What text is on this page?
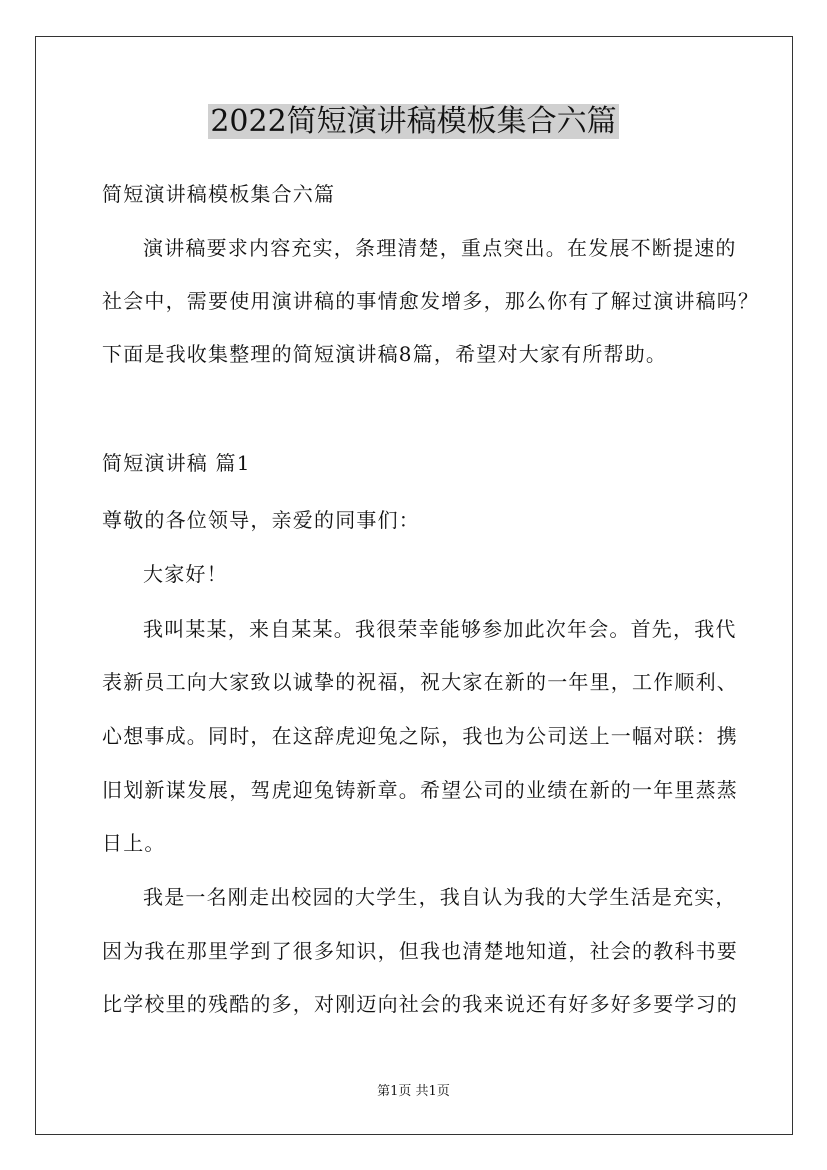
2022简短演讲稿模板集合六篇

简短演讲稿模板集合六篇

演讲稿要求内容充实，条理清楚，重点突出。在发展不断提速的

社会中，需要使用演讲稿的事情愈发增多，那么你有了解过演讲稿吗？

下面是我收集整理的简短演讲稿8篇，希望对大家有所帮助。

简短演讲稿 篇1

尊敬的各位领导，亲爱的同事们：

大家好！

我叫某某，来自某某。我很荣幸能够参加此次年会。首先，我代

表新员工向大家致以诚挚的祝福，祝大家在新的一年里，工作顺利、

心想事成。同时，在这辞虎迎兔之际，我也为公司送上一幅对联：携

旧划新谋发展，驾虎迎兔铸新章。希望公司的业绩在新的一年里蒸蒸

日上。

我是一名刚走出校园的大学生，我自认为我的大学生活是充实，

因为我在那里学到了很多知识，但我也清楚地知道，社会的教科书要

比学校里的残酷的多，对刚迈向社会的我来说还有好多好多要学习的

第1页 共1页
